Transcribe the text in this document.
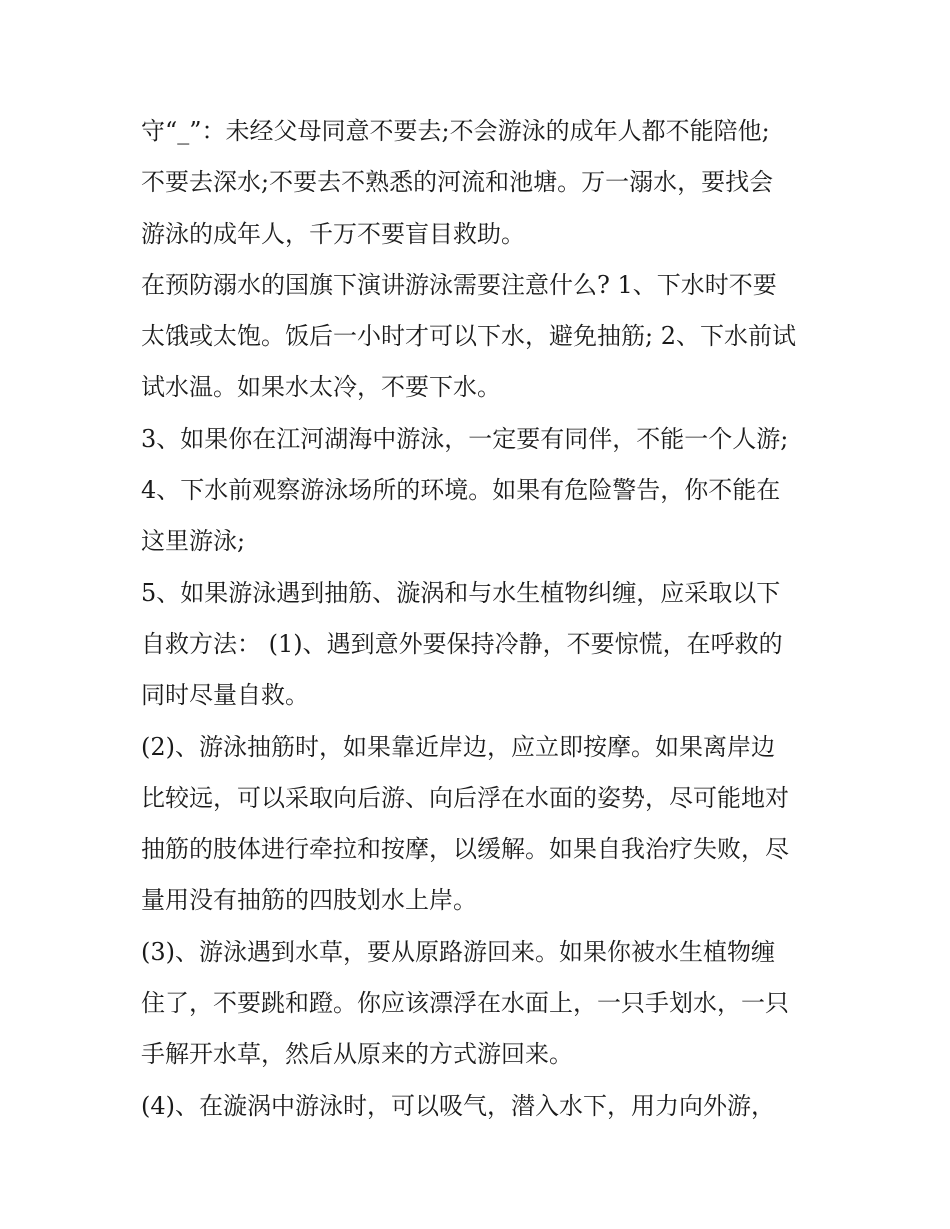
守“_”：未经父母同意不要去;不会游泳的成年人都不能陪他;
不要去深水;不要去不熟悉的河流和池塘。万一溺水，要找会
游泳的成年人，千万不要盲目救助。
在预防溺水的国旗下演讲游泳需要注意什么? 1、下水时不要
太饿或太饱。饭后一小时才可以下水，避免抽筋; 2、下水前试
试水温。如果水太冷，不要下水。
3、如果你在江河湖海中游泳，一定要有同伴，不能一个人游;
4、下水前观察游泳场所的环境。如果有危险警告，你不能在
这里游泳;
5、如果游泳遇到抽筋、漩涡和与水生植物纠缠，应采取以下
自救方法： (1)、遇到意外要保持冷静，不要惊慌，在呼救的
同时尽量自救。
(2)、游泳抽筋时，如果靠近岸边，应立即按摩。如果离岸边
比较远，可以采取向后游、向后浮在水面的姿势，尽可能地对
抽筋的肢体进行牵拉和按摩，以缓解。如果自我治疗失败，尽
量用没有抽筋的四肢划水上岸。
(3)、游泳遇到水草，要从原路游回来。如果你被水生植物缠
住了，不要跳和蹬。你应该漂浮在水面上，一只手划水，一只
手解开水草，然后从原来的方式游回来。
(4)、在漩涡中游泳时，可以吸气，潜入水下，用力向外游，
